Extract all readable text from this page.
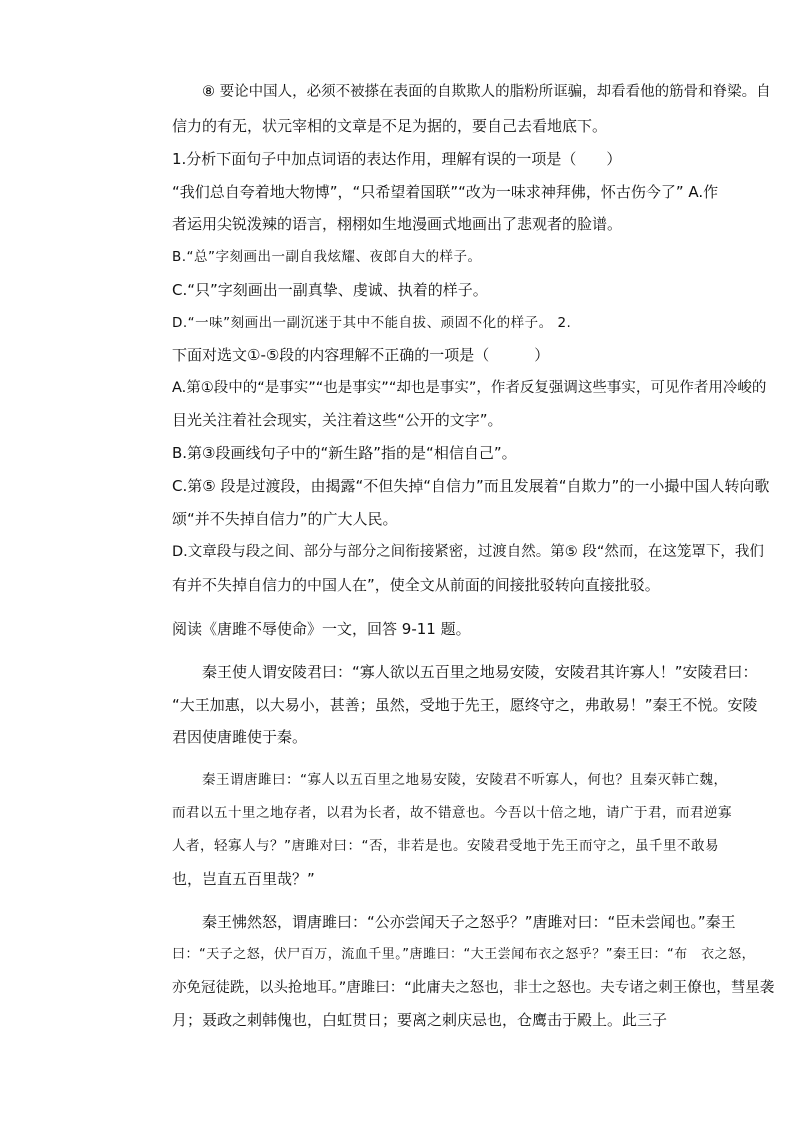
⑧ 要论中国人，必须不被搽在表面的自欺欺人的脂粉所诓骗，却看看他的筋骨和脊梁。自
信力的有无，状元宰相的文章是不足为据的，要自己去看地底下。
1.分析下面句子中加点词语的表达作用，理解有误的一项是（　　）
“我们总自夸着地大物博”，“只希望着国联”“改为一味求神拜佛，怀古伤今了” A.作
者运用尖锐泼辣的语言，栩栩如生地漫画式地画出了悲观者的脸谱。
B.“总”字刻画出一副自我炫耀、夜郎自大的样子。
C.“只”字刻画出一副真挚、虔诚、执着的样子。
D.“一味”刻画出一副沉迷于其中不能自拔、顽固不化的样子。 2.
下面对选文①-⑤段的内容理解不正确的一项是（　　　）
A.第①段中的“是事实”“也是事实”“却也是事实”，作者反复强调这些事实，可见作者用冷峻的
目光关注着社会现实，关注着这些“公开的文字”。
B.第③段画线句子中的“新生路”指的是“相信自己”。
C.第⑤ 段是过渡段，由揭露“不但失掉“自信力”而且发展着“自欺力”的一小撮中国人转向歌
颂“并不失掉自信力”的广大人民。
D.文章段与段之间、部分与部分之间衔接紧密，过渡自然。第⑤ 段“然而，在这笼罩下，我们
有并不失掉自信力的中国人在”，使全文从前面的间接批驳转向直接批驳。
阅读《唐雎不辱使命》一文，回答 9-11 题。
秦王使人谓安陵君曰：“寡人欲以五百里之地易安陵，安陵君其许寡人！”安陵君曰：
“大王加惠，以大易小，甚善；虽然，受地于先王，愿终守之，弗敢易！”秦王不悦。安陵
君因使唐雎使于秦。
秦王谓唐雎曰：“寡人以五百里之地易安陵，安陵君不听寡人，何也？且秦灭韩亡魏，
而君以五十里之地存者，以君为长者，故不错意也。今吾以十倍之地，请广于君，而君逆寡
人者，轻寡人与？”唐雎对曰：“否，非若是也。安陵君受地于先王而守之，虽千里不敢易
也，岂直五百里哉？”
秦王怫然怒，谓唐雎曰：“公亦尝闻天子之怒乎？”唐雎对曰：“臣未尝闻也。”秦王
曰：“天子之怒，伏尸百万，流血千里。”唐雎曰：“大王尝闻布衣之怒乎？”秦王曰：“布　衣之怒，
亦免冠徒跣，以头抢地耳。”唐雎曰：“此庸夫之怒也，非士之怒也。夫专诸之刺王僚也，彗星袭
月；聂政之刺韩傀也，白虹贯日；要离之刺庆忌也，仓鹰击于殿上。此三子
